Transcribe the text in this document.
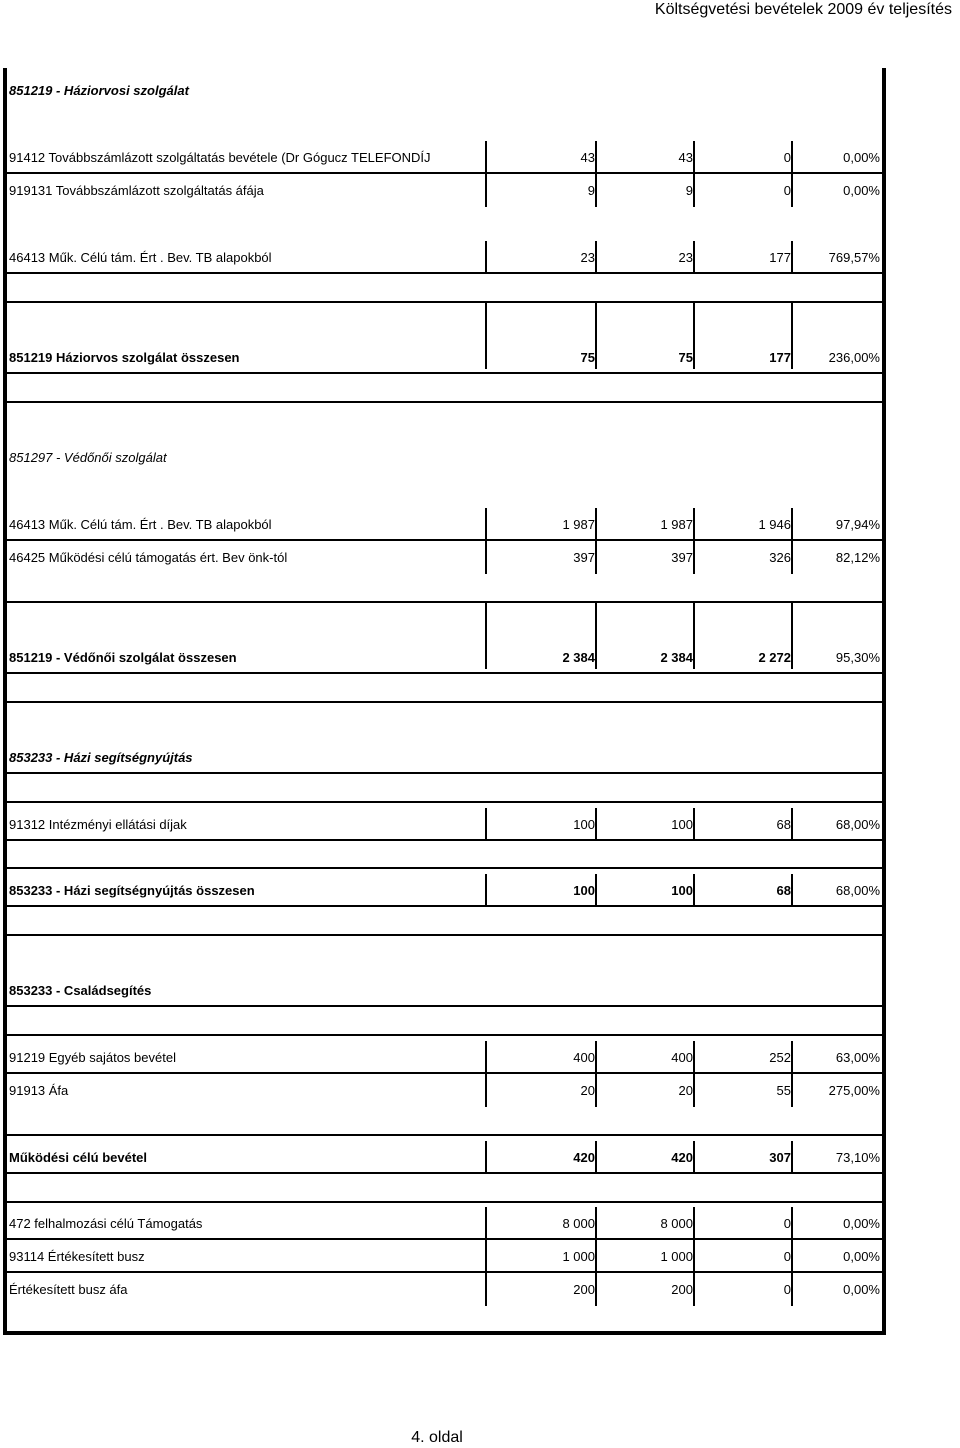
Költségvetési bevételek 2009 év teljesítés
851219 - Háziorvosi szolgálat
91412 Továbbszámlázott szolgáltatás bevétele (Dr Gógucz TELEFONDÍJ	43	43	0	0,00%
919131 Továbbszámlázott szolgáltatás áfája	9	9	0	0,00%
46413 Műk. Célú tám. Ért . Bev. TB alapokból	23	23	177	769,57%
851219 Háziorvos szolgálat összesen	75	75	177	236,00%
851297 - Védőnői szolgálat
46413 Műk. Célú tám. Ért . Bev. TB alapokból	1 987	1 987	1 946	97,94%
46425 Működési célú támogatás ért. Bev önk-tól	397	397	326	82,12%
851219 - Védőnői szolgálat összesen	2 384	2 384	2 272	95,30%
853233 - Házi segítségnyújtás
91312 Intézményi ellátási díjak	100	100	68	68,00%
853233 - Házi segítségnyújtás összesen	100	100	68	68,00%
853233 - Családsegítés
91219 Egyéb sajátos bevétel	400	400	252	63,00%
91913 Áfa	20	20	55	275,00%
Működési célú bevétel	420	420	307	73,10%
472 felhalmozási célú Támogatás	8 000	8 000	0	0,00%
93114 Értékesített busz	1 000	1 000	0	0,00%
Értékesített busz áfa	200	200	0	0,00%
4. oldal
